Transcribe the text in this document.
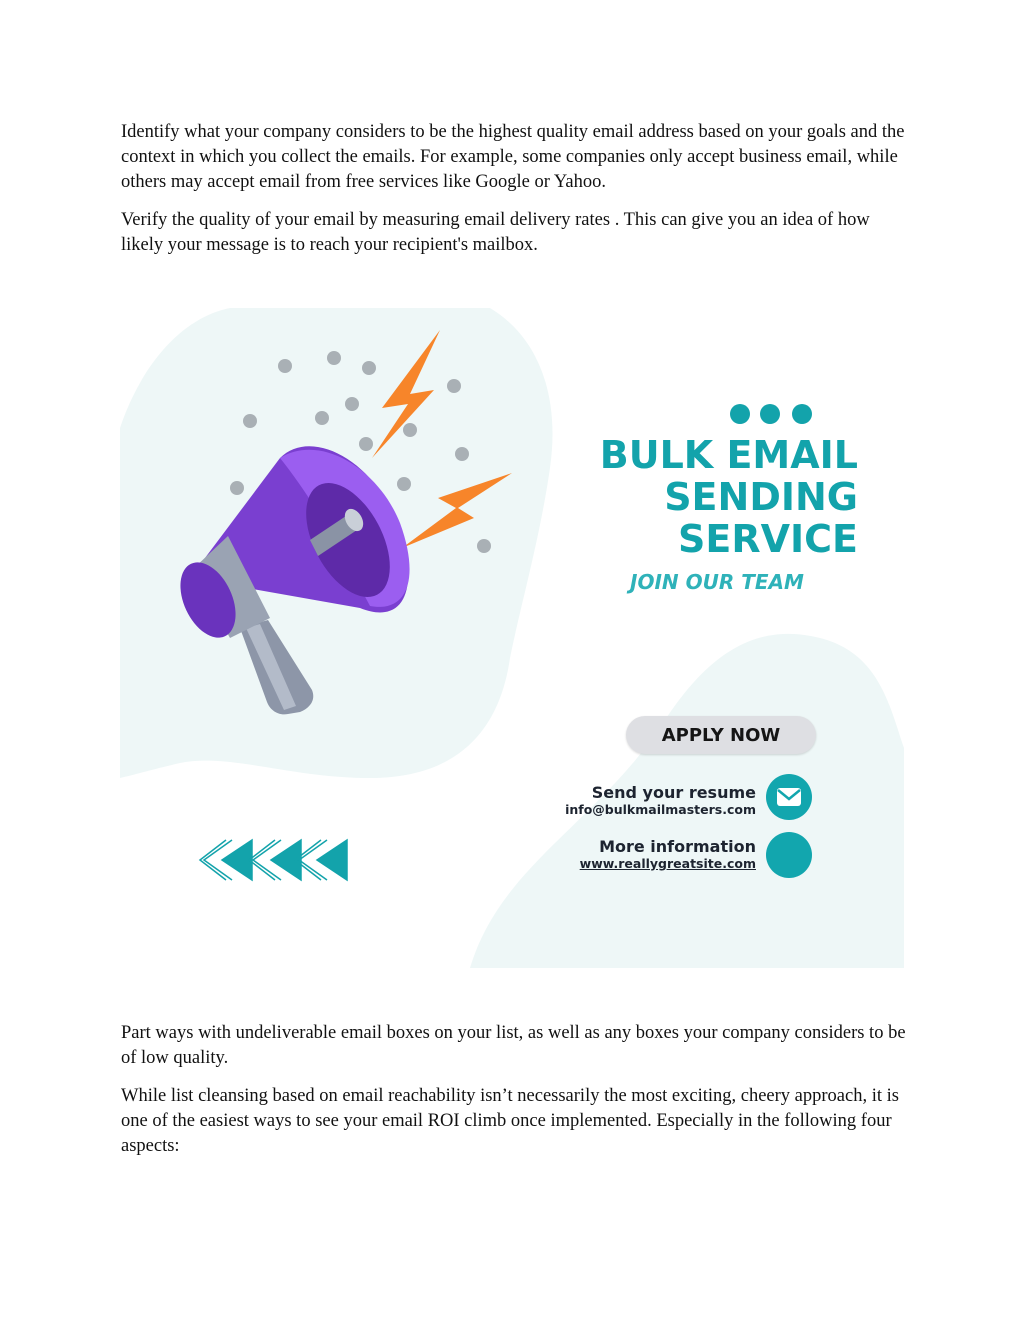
Identify what your company considers to be the highest quality email address based on your goals and the context in which you collect the emails. For example, some companies only accept business email, while others may accept email from free services like Google or Yahoo.

Verify the quality of your email by measuring email delivery rates . This can give you an idea of how likely your message is to reach your recipient's mailbox.

BULK EMAIL
SENDING
SERVICE
JOIN OUR TEAM
APPLY NOW
Send your resume
info@bulkmailmasters.com
More information
www.reallygreatsite.com

Part ways with undeliverable email boxes on your list, as well as any boxes your company considers to be of low quality.

While list cleansing based on email reachability isn’t necessarily the most exciting, cheery approach, it is one of the easiest ways to see your email ROI climb once implemented. Especially in the following four aspects:
